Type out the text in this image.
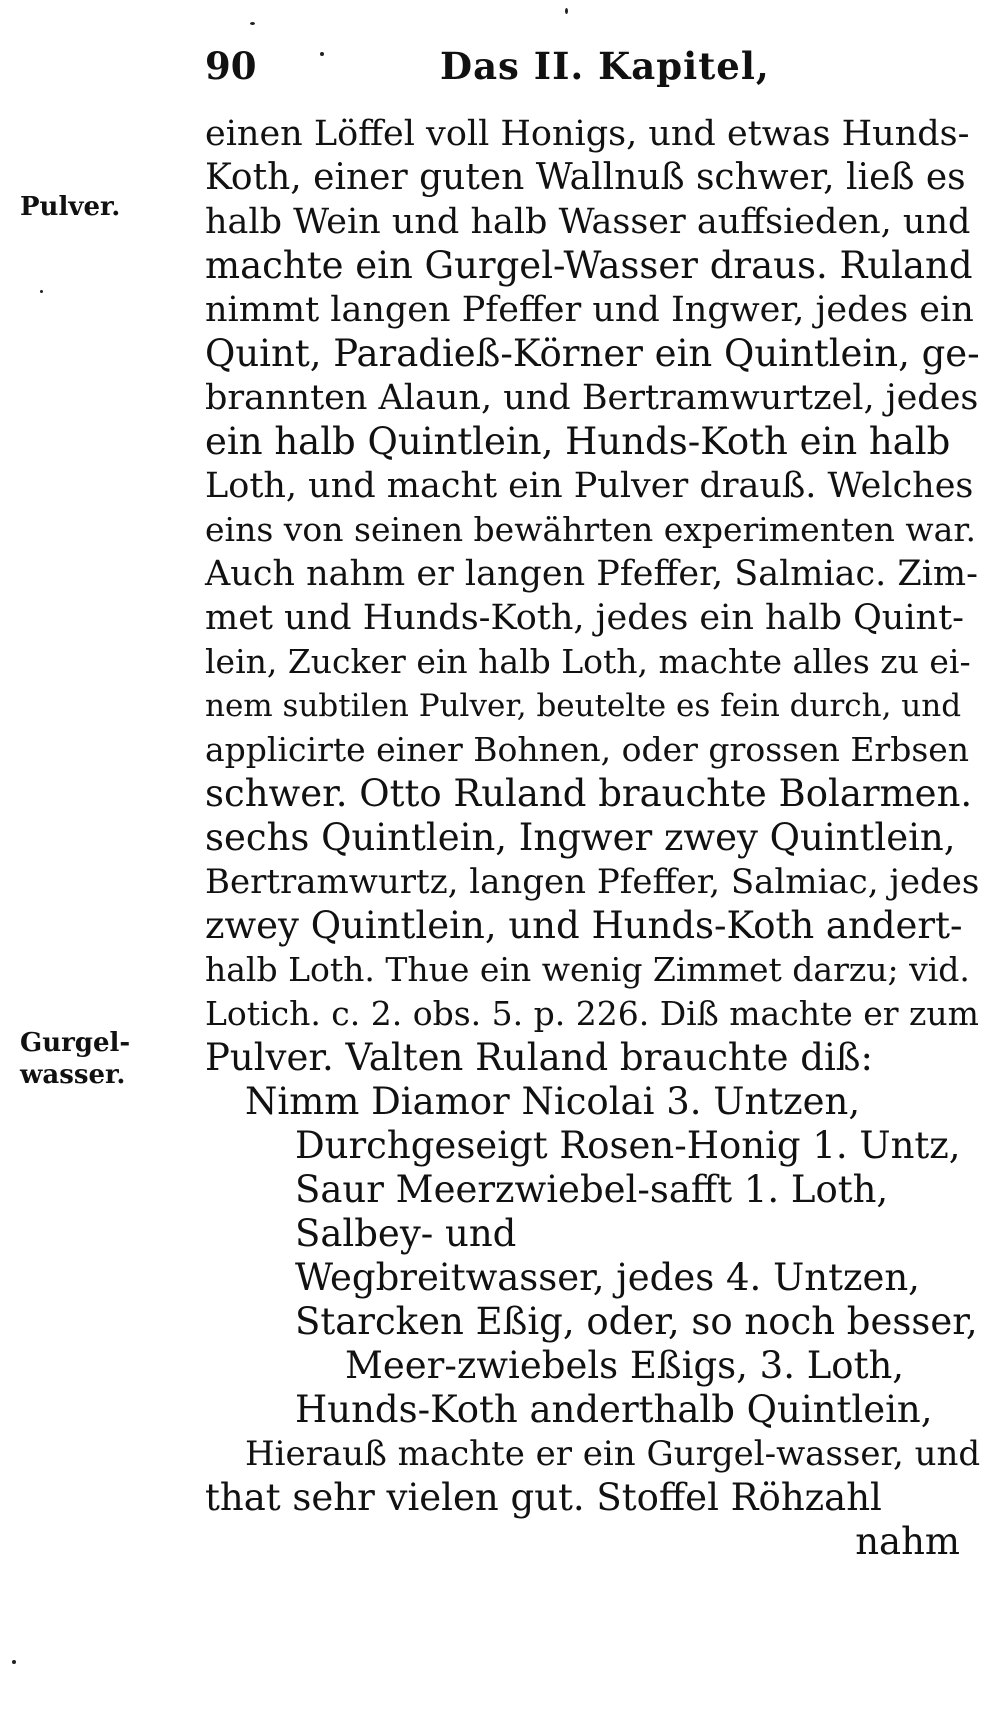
90	Das II. Kapitel,
Pulver.
Gurgel-
wasser.
einen Löffel voll Honigs, und etwas Hunds-
Koth, einer guten Wallnuß schwer, ließ es
halb Wein und halb Wasser auffsieden, und
machte ein Gurgel-Wasser draus. Ruland
nimmt langen Pfeffer und Ingwer, jedes ein
Quint, Paradieß-Körner ein Quintlein, ge-
brannten Alaun, und Bertramwurtzel, jedes
ein halb Quintlein, Hunds-Koth ein halb
Loth, und macht ein Pulver drauß. Welches
eins von seinen bewährten experimenten war.
Auch nahm er langen Pfeffer, Salmiac. Zim-
met und Hunds-Koth, jedes ein halb Quint-
lein, Zucker ein halb Loth, machte alles zu ei-
nem subtilen Pulver, beutelte es fein durch, und
applicirte einer Bohnen, oder grossen Erbsen
schwer. Otto Ruland brauchte Bolarmen.
sechs Quintlein, Ingwer zwey Quintlein,
Bertramwurtz, langen Pfeffer, Salmiac, jedes
zwey Quintlein, und Hunds-Koth andert-
halb Loth. Thue ein wenig Zimmet darzu; vid.
Lotich. c. 2. obs. 5. p. 226. Diß machte er zum
Pulver. Valten Ruland brauchte diß:
Nimm Diamor Nicolai 3. Untzen,
Durchgeseigt Rosen-Honig 1. Untz,
Saur Meerzwiebel-safft 1. Loth,
Salbey- und
Wegbreitwasser, jedes 4. Untzen,
Starcken Eßig, oder, so noch besser,
Meer-zwiebels Eßigs, 3. Loth,
Hunds-Koth anderthalb Quintlein,
Hierauß machte er ein Gurgel-wasser, und
that sehr vielen gut. Stoffel Röhzahl
nahm
